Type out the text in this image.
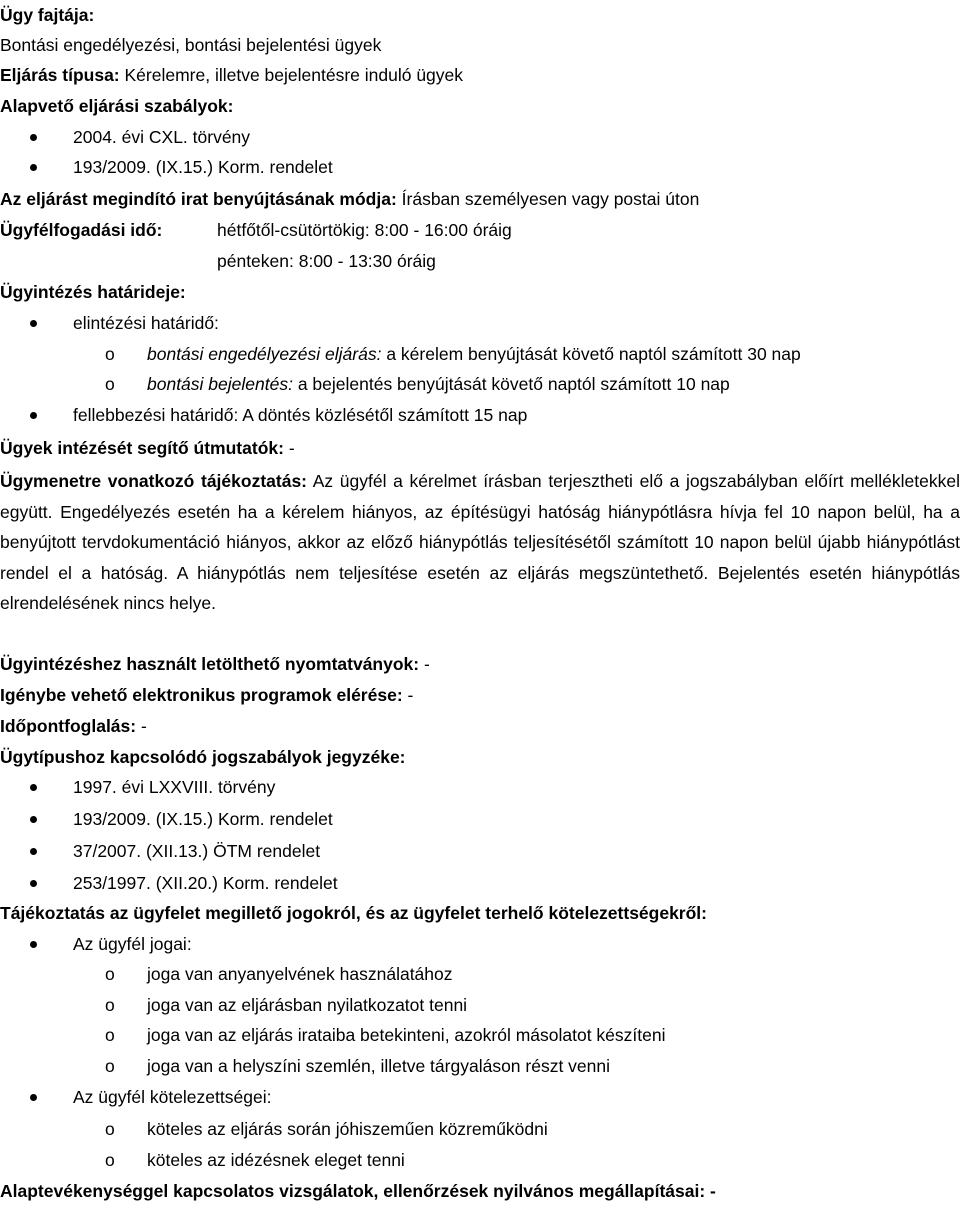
Ügy fajtája:
Bontási engedélyezési, bontási bejelentési ügyek
Eljárás típusa: Kérelemre, illetve bejelentésre induló ügyek
Alapvető eljárási szabályok:
2004. évi CXL. törvény
193/2009. (IX.15.) Korm. rendelet
Az eljárást megindító irat benyújtásának módja: Írásban személyesen vagy postai úton
Ügyfélfogadási idő:	hétfőtől-csütörtökig: 8:00 - 16:00 óráig
pénteken: 8:00 - 13:30 óráig
Ügyintézés határideje:
elintézési határidő:
o bontási engedélyezési eljárás: a kérelem benyújtását követő naptól számított 30 nap
o bontási bejelentés: a bejelentés benyújtását követő naptól számított 10 nap
fellebbezési határidő: A döntés közlésétől számított 15 nap
Ügyek intézését segítő útmutatók: -
Ügymenetre vonatkozó tájékoztatás: Az ügyfél a kérelmet írásban terjesztheti elő a jogszabályban előírt mellékletekkel együtt. Engedélyezés esetén ha a kérelem hiányos, az építésügyi hatóság hiánypótlásra hívja fel 10 napon belül, ha a benyújtott tervdokumentáció hiányos, akkor az előző hiánypótlás teljesítésétől számított 10 napon belül újabb hiánypótlást rendel el a hatóság. A hiánypótlás nem teljesítése esetén az eljárás megszüntethető. Bejelentés esetén hiánypótlás elrendelésének nincs helye.
Ügyintézéshez használt letölthető nyomtatványok: -
Igénybe vehető elektronikus programok elérése: -
Időpontfoglalás: -
Ügytípushoz kapcsolódó jogszabályok jegyzéke:
1997. évi LXXVIII. törvény
193/2009. (IX.15.) Korm. rendelet
37/2007. (XII.13.) ÖTM rendelet
253/1997. (XII.20.) Korm. rendelet
Tájékoztatás az ügyfelet megillető jogokról, és az ügyfelet terhelő kötelezettségekről:
Az ügyfél jogai:
o joga van anyanyelvének használatához
o joga van az eljárásban nyilatkozatot tenni
o joga van az eljárás irataiba betekinteni, azokról másolatot készíteni
o joga van a helyszíni szemlén, illetve tárgyaláson részt venni
Az ügyfél kötelezettségei:
o köteles az eljárás során jóhiszeműen közreműködni
o köteles az idézésnek eleget tenni
Alaptevékenységgel kapcsolatos vizsgálatok, ellenőrzések nyilvános megállapításai: -
